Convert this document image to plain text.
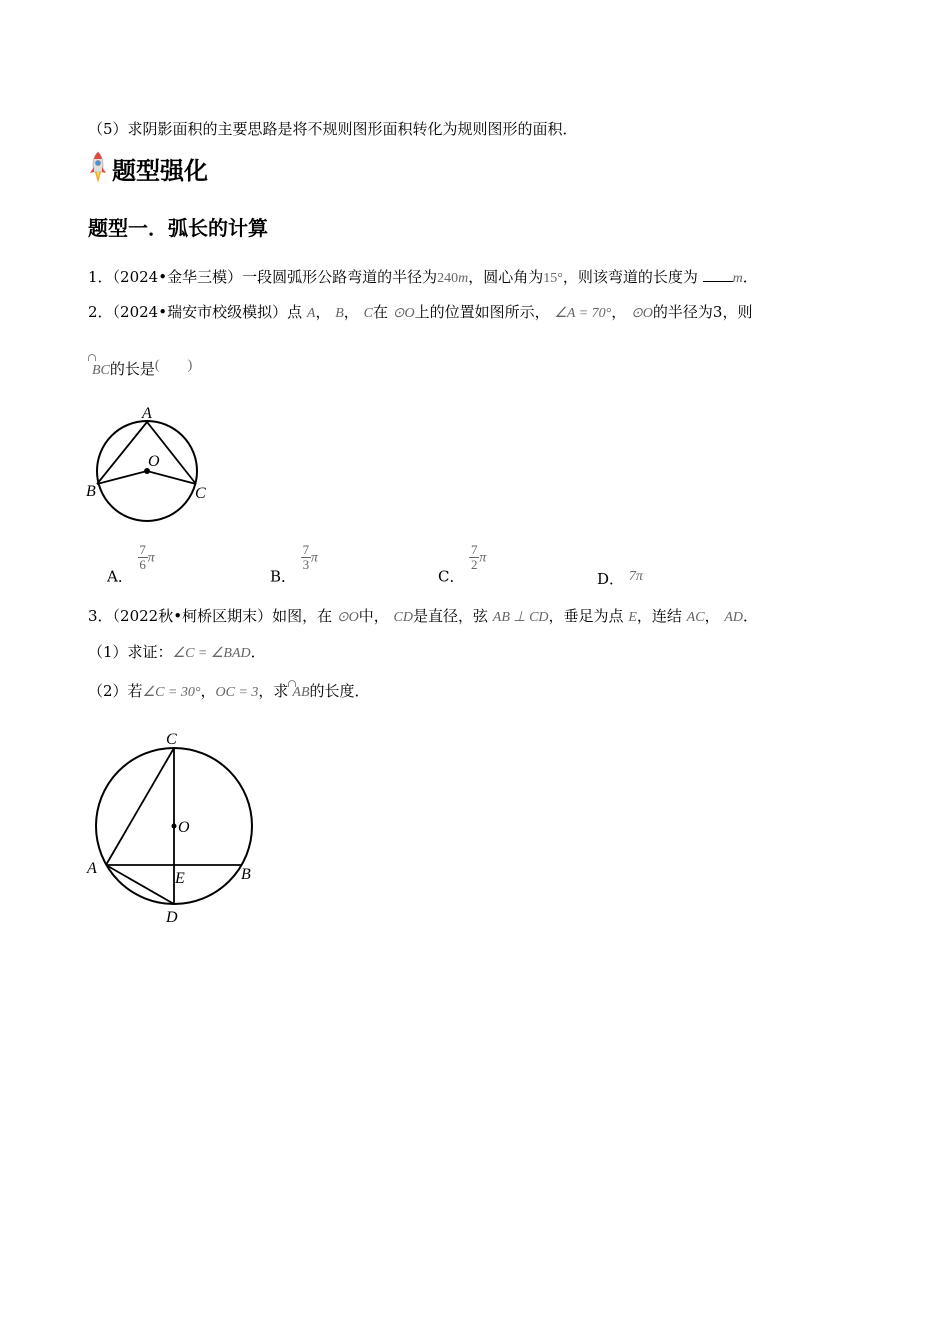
（5）求阴影面积的主要思路是将不规则图形面积转化为规则图形的面积．
题型强化
题型一．弧长的计算
1．（2024•金华三模）一段圆弧形公路弯道的半径为240m，圆心角为15°，则该弯道的长度为 m．
2．（2024•瑞安市校级模拟）点 A， B， C在 ⊙O上的位置如图所示， ∠A = 70°， ⊙O的半径为3，则
BC的长是(　　)
A
B	C
O
A．
$\frac{7}{6}$ π
B．
$\frac{7}{3}$ π
C．
$\frac{7}{2}$ π
D． 7π
3．（2022秋•柯桥区期末）如图，在 ⊙O中， CD是直径，弦 AB ⊥ CD，垂足为点 E，连结 AC， AD．
（1）求证：∠C = ∠BAD．
（2）若∠C = 30°，OC = 3，求 AB的长度．
C
O
A
E	B
D
